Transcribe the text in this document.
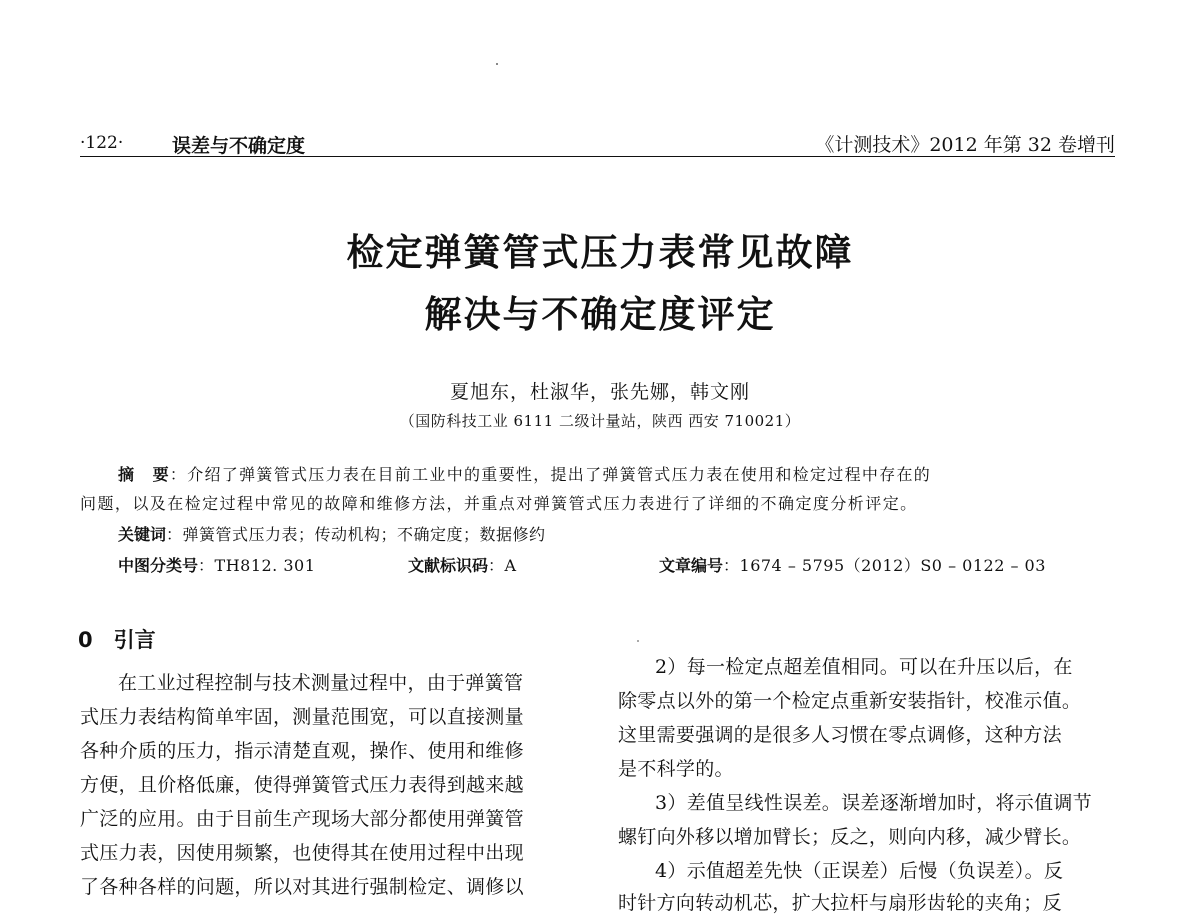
·122·	误差与不确定度	《计测技术》2012 年第 32 卷增刊
检定弹簧管式压力表常见故障
解决与不确定度评定
夏旭东，杜淑华，张先娜，韩文刚
（国防科技工业 6111 二级计量站，陕西 西安 710021）
摘　要：介绍了弹簧管式压力表在目前工业中的重要性，提出了弹簧管式压力表在使用和检定过程中存在的
问题，以及在检定过程中常见的故障和维修方法，并重点对弹簧管式压力表进行了详细的不确定度分析评定。
关键词：弹簧管式压力表；传动机构；不确定度；数据修约
中图分类号：TH812. 301	文献标识码：A	文章编号：1674 – 5795（2012）S0 – 0122 – 03
0　引言
在工业过程控制与技术测量过程中，由于弹簧管
式压力表结构简单牢固，测量范围宽，可以直接测量
各种介质的压力，指示清楚直观，操作、使用和维修
方便，且价格低廉，使得弹簧管式压力表得到越来越
广泛的应用。由于目前生产现场大部分都使用弹簧管
式压力表，因使用频繁，也使得其在使用过程中出现
了各种各样的问题，所以对其进行强制检定、调修以
2）每一检定点超差值相同。可以在升压以后，在
除零点以外的第一个检定点重新安装指针，校准示值。
这里需要强调的是很多人习惯在零点调修，这种方法
是不科学的。
3）差值呈线性误差。误差逐渐增加时，将示值调节
螺钉向外移以增加臂长；反之，则向内移，减少臂长。
4）示值超差先快（正误差）后慢（负误差）。反
时针方向转动机芯，扩大拉杆与扇形齿轮的夹角；反
